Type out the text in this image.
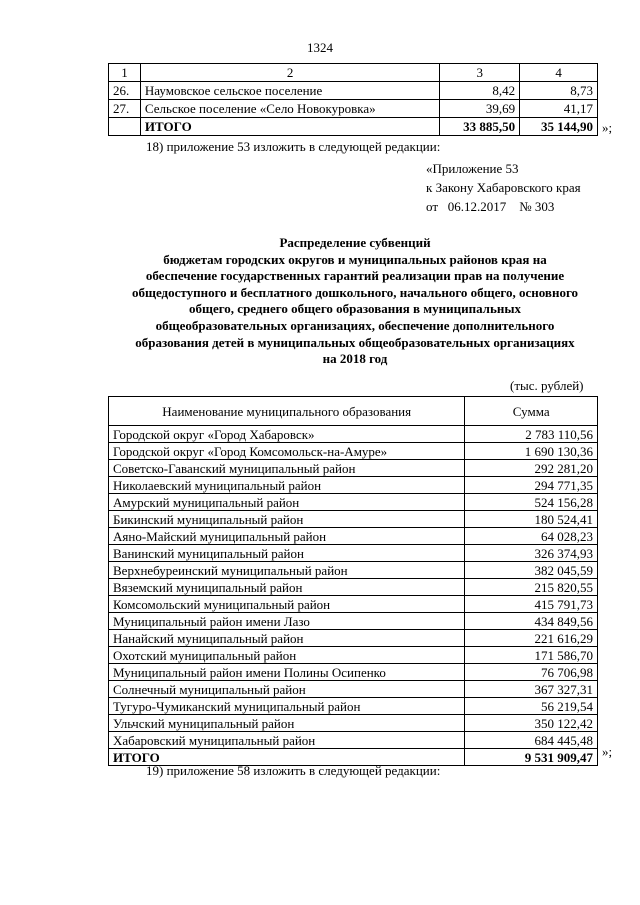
1324
1	2	3	4
26.	Наумовское сельское поселение	8,42	8,73
27.	Сельское поселение «Село Новокуровка»	39,69	41,17
	ИТОГО	33 885,50	35 144,90 »;
18) приложение 53 изложить в следующей редакции:
«Приложение 53
к Закону Хабаровского края
от   06.12.2017    № 303
Распределение субвенций
бюджетам городских округов и муниципальных районов края на
обеспечение государственных гарантий реализации прав на получение
общедоступного и бесплатного дошкольного, начального общего, основного
общего, среднего общего образования в муниципальных
общеобразовательных организациях, обеспечение дополнительного
образования детей в муниципальных общеобразовательных организациях
на 2018 год
(тыс. рублей)
Наименование муниципального образования	Сумма
Городской округ «Город Хабаровск»	2 783 110,56
Городской округ «Город Комсомольск-на-Амуре»	1 690 130,36
Советско-Гаванский муниципальный район	292 281,20
Николаевский муниципальный район	294 771,35
Амурский муниципальный район	524 156,28
Бикинский муниципальный район	180 524,41
Аяно-Майский муниципальный район	64 028,23
Ванинский муниципальный район	326 374,93
Верхнебуреинский муниципальный район	382 045,59
Вяземский муниципальный район	215 820,55
Комсомольский муниципальный район	415 791,73
Муниципальный район имени Лазо	434 849,56
Нанайский муниципальный район	221 616,29
Охотский муниципальный район	171 586,70
Муниципальный район имени Полины Осипенко	76 706,98
Солнечный муниципальный район	367 327,31
Тугуро-Чумиканский муниципальный район	56 219,54
Ульчский муниципальный район	350 122,42
Хабаровский муниципальный район	684 445,48
ИТОГО	9 531 909,47 »;
19) приложение 58 изложить в следующей редакции:
